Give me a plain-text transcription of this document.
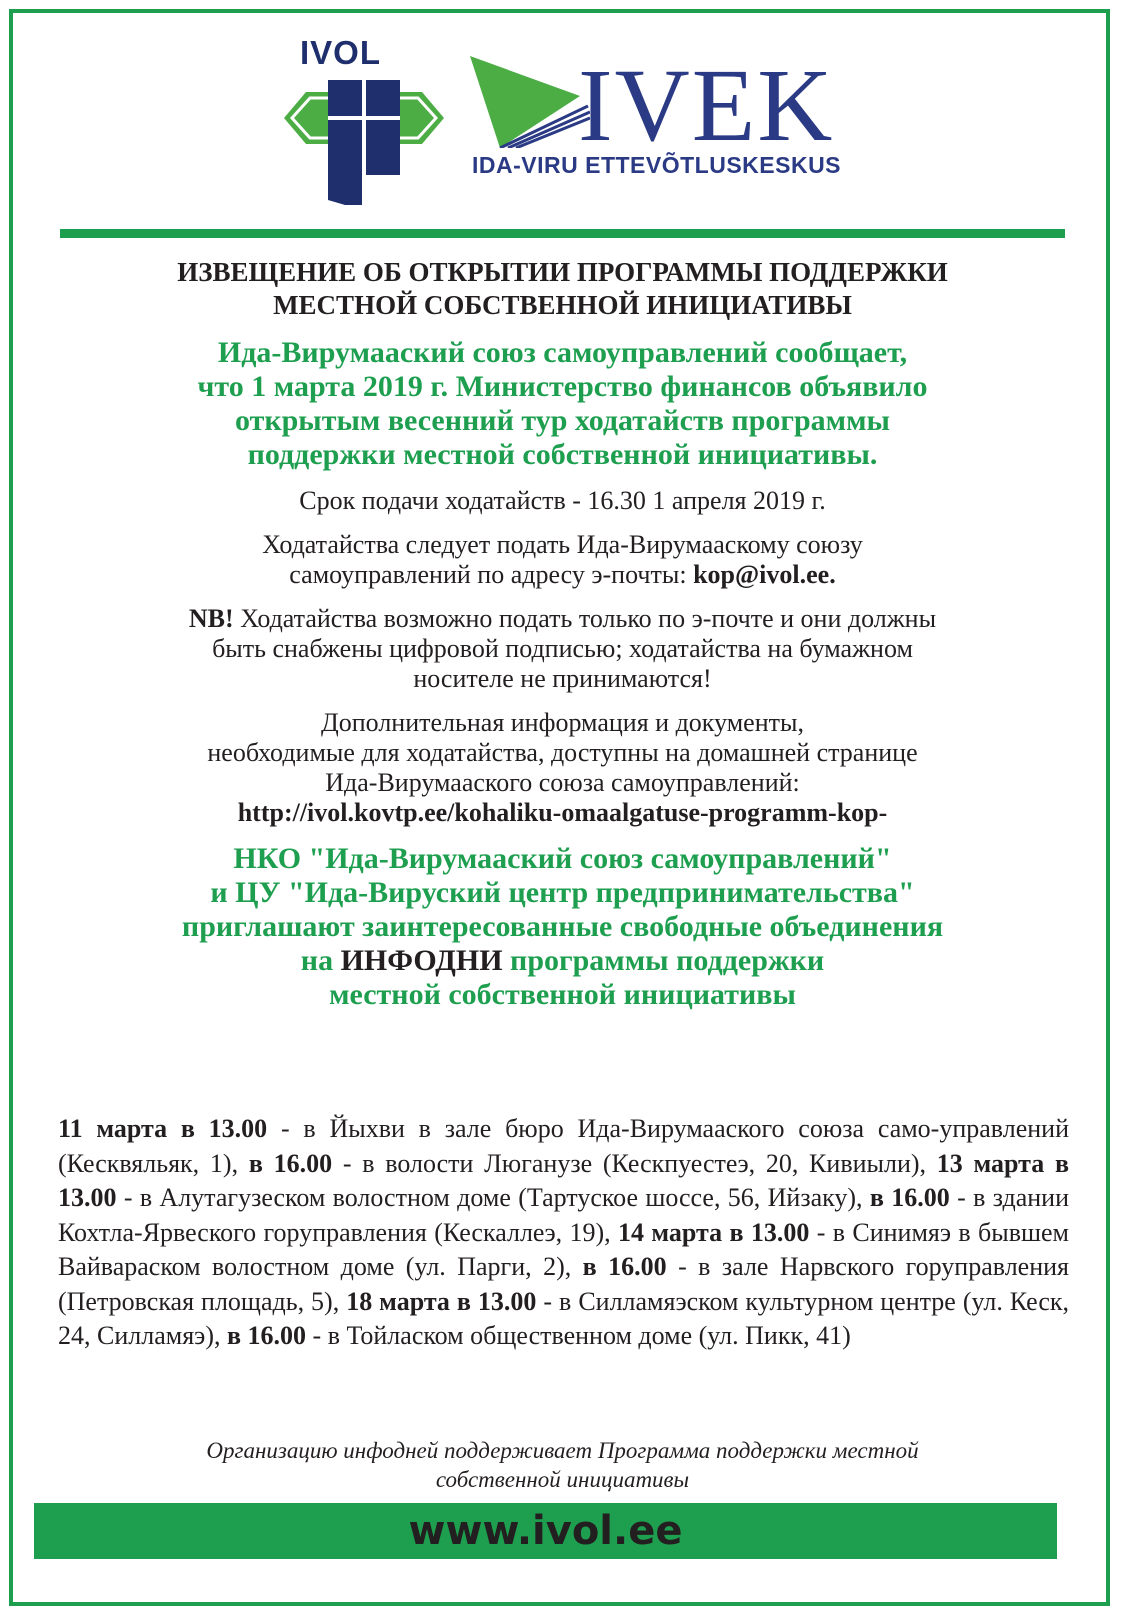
IVOL IVEK
IDA-VIRU ETTEVÕTLUSKESKUS

ИЗВЕЩЕНИЕ ОБ ОТКРЫТИИ ПРОГРАММЫ ПОДДЕРЖКИ

МЕСТНОЙ СОБСТВЕННОЙ ИНИЦИАТИВЫ

Ида-Вирумааский союз самоуправлений сообщает,
что 1 марта 2019 г. Министерство финансов объявило
открытым весенний тур ходатайств программы
поддержки местной собственной инициативы.

Срок подачи ходатайств - 16.30 1 апреля 2019 г.

Ходатайства следует подать Ида-Вирумаaскому союзу
самоуправлений по адресу э-почты: kop@ivol.ee.
NB! Ходатайства возможно подать только по э-почте и они должны
быть снабжены цифровой подписью; ходатайства на бумажном
носителе не принимаются!
Дополнительная информация и документы,
необходимые для ходатайства, доступны на домашней странице
Ида-Вирумааского союза самоуправлений:
http://ivol.kovtp.ee/kohaliku-omaalgatuse-programm-kop-
НКО "Ида-Вирумааский союз самоуправлений"
и ЦУ "Ида-Вируский центр предпринимательства"
приглашают заинтересованные свободные объединения
на ИНФОДНИ программы поддержки
местной собственной инициативы
11 марта в 13.00 - в Йыхви в зале бюро Ида-Вирумааского союза само-управлений (Кесквяльяк, 1), в 16.00 - в волости Люганузе (Кескпуестеэ, 20, Кивиыли), 13 марта в 13.00 - в Алутагузеском волостном доме (Тартуское шоссе, 56, Ийзаку), в 16.00 - в здании Кохтла-Ярвеского горуправления (Кескаллеэ, 19), 14 марта в 13.00 - в Синимяэ в бывшем Вайвараском волостном доме (ул. Парги, 2), в 16.00 - в зале Нарвского горуправления (Петровская площадь, 5), 18 марта в 13.00 - в Силламяэском культурном центре (ул. Кеск, 24, Силламяэ), в 16.00 - в Тойласком общественном доме (ул. Пикк, 41)
Организацию инфодней поддерживает Программа поддержки местной
собственной инициативы
www.ivol.ee
